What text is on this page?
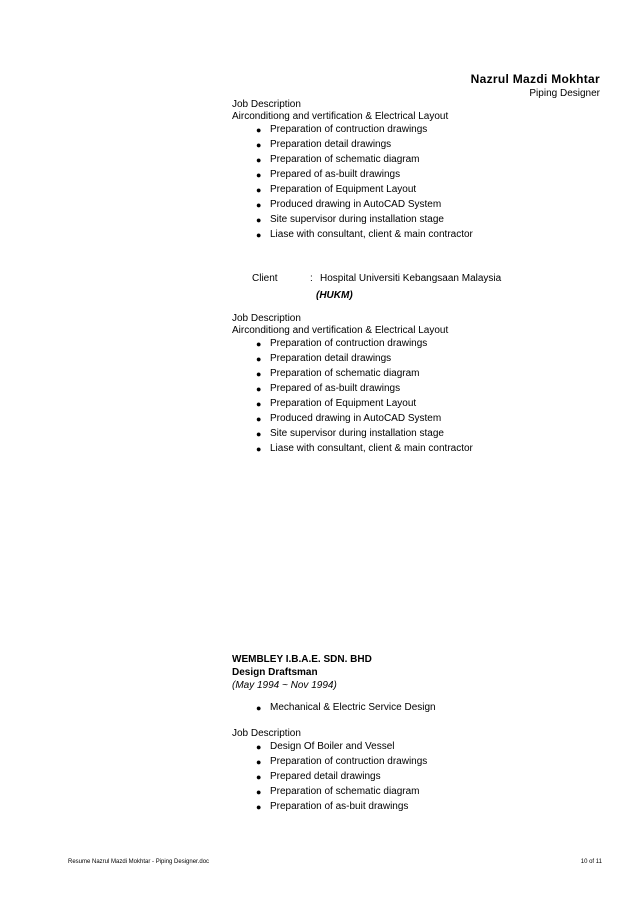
Nazrul Mazdi Mokhtar
Piping Designer
Job Description
Airconditiong and vertification & Electrical Layout
● Preparation of contruction drawings
● Preparation detail drawings
● Preparation of schematic diagram
● Prepared of as-built drawings
● Preparation of Equipment Layout
● Produced drawing in AutoCAD System
● Site supervisor during installation stage
● Liase with consultant, client & main contractor
Client	: Hospital Universiti Kebangsaan Malaysia
(HUKM)
Job Description
Airconditiong and vertification & Electrical Layout
● Preparation of contruction drawings
● Preparation detail drawings
● Preparation of schematic diagram
● Prepared of as-built drawings
● Preparation of Equipment Layout
● Produced drawing in AutoCAD System
● Site supervisor during installation stage
● Liase with consultant, client & main contractor
WEMBLEY I.B.A.E. SDN. BHD
Design Draftsman
(May 1994 ~ Nov 1994)
● Mechanical & Electric Service Design
Job Description
● Design Of Boiler and Vessel
● Preparation of contruction drawings
● Prepared detail drawings
● Preparation of schematic diagram
● Preparation of as-buit drawings
Resume Nazrul Mazdi Mokhtar - Piping Designer.doc	10 of 11
